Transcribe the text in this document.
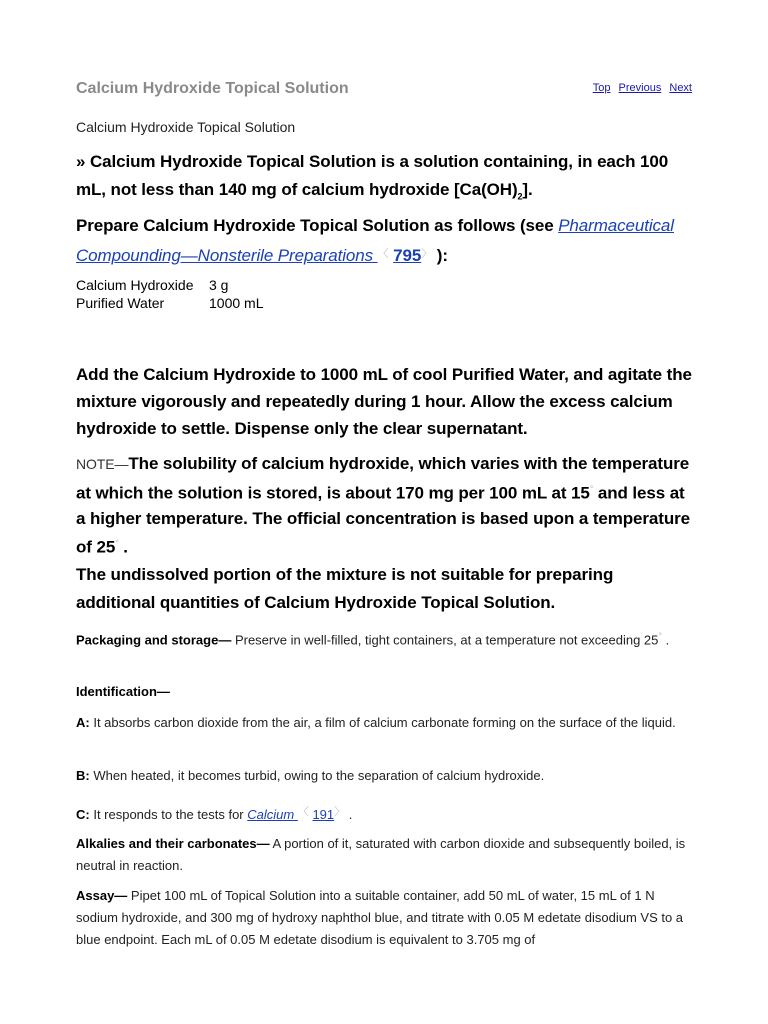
Calcium Hydroxide Topical Solution	Top Previous Next
Calcium Hydroxide Topical Solution
» Calcium Hydroxide Topical Solution is a solution containing, in each 100 mL, not less than 140 mg of calcium hydroxide $[Ca(OH)_2]$.
Prepare Calcium Hydroxide Topical Solution as follows (see Pharmaceutical Compounding—Nonsterile Preparations 〈 795〉 ):
Calcium Hydroxide	3 g
Purified Water	1000 mL
Add the Calcium Hydroxide to 1000 mL of cool Purified Water, and agitate the mixture vigorously and repeatedly during 1 hour. Allow the excess calcium hydroxide to settle. Dispense only the clear supernatant.
NOTE—The solubility of calcium hydroxide, which varies with the temperature at which the solution is stored, is about 170 mg per 100 mL at 15° and less at a higher temperature. The official concentration is based upon a temperature of 25° .
The undissolved portion of the mixture is not suitable for preparing additional quantities of Calcium Hydroxide Topical Solution.
Packaging and storage— Preserve in well-filled, tight containers, at a temperature not exceeding 25° .
Identification—
A: It absorbs carbon dioxide from the air, a film of calcium carbonate forming on the surface of the liquid.
B: When heated, it becomes turbid, owing to the separation of calcium hydroxide.
C: It responds to the tests for Calcium 〈 191〉 .
Alkalies and their carbonates— A portion of it, saturated with carbon dioxide and subsequently boiled, is neutral in reaction.
Assay— Pipet 100 mL of Topical Solution into a suitable container, add 50 mL of water, 15 mL of 1 N sodium hydroxide, and 300 mg of hydroxy naphthol blue, and titrate with 0.05 M edetate disodium VS to a blue endpoint. Each mL of 0.05 M edetate disodium is equivalent to 3.705 mg of
